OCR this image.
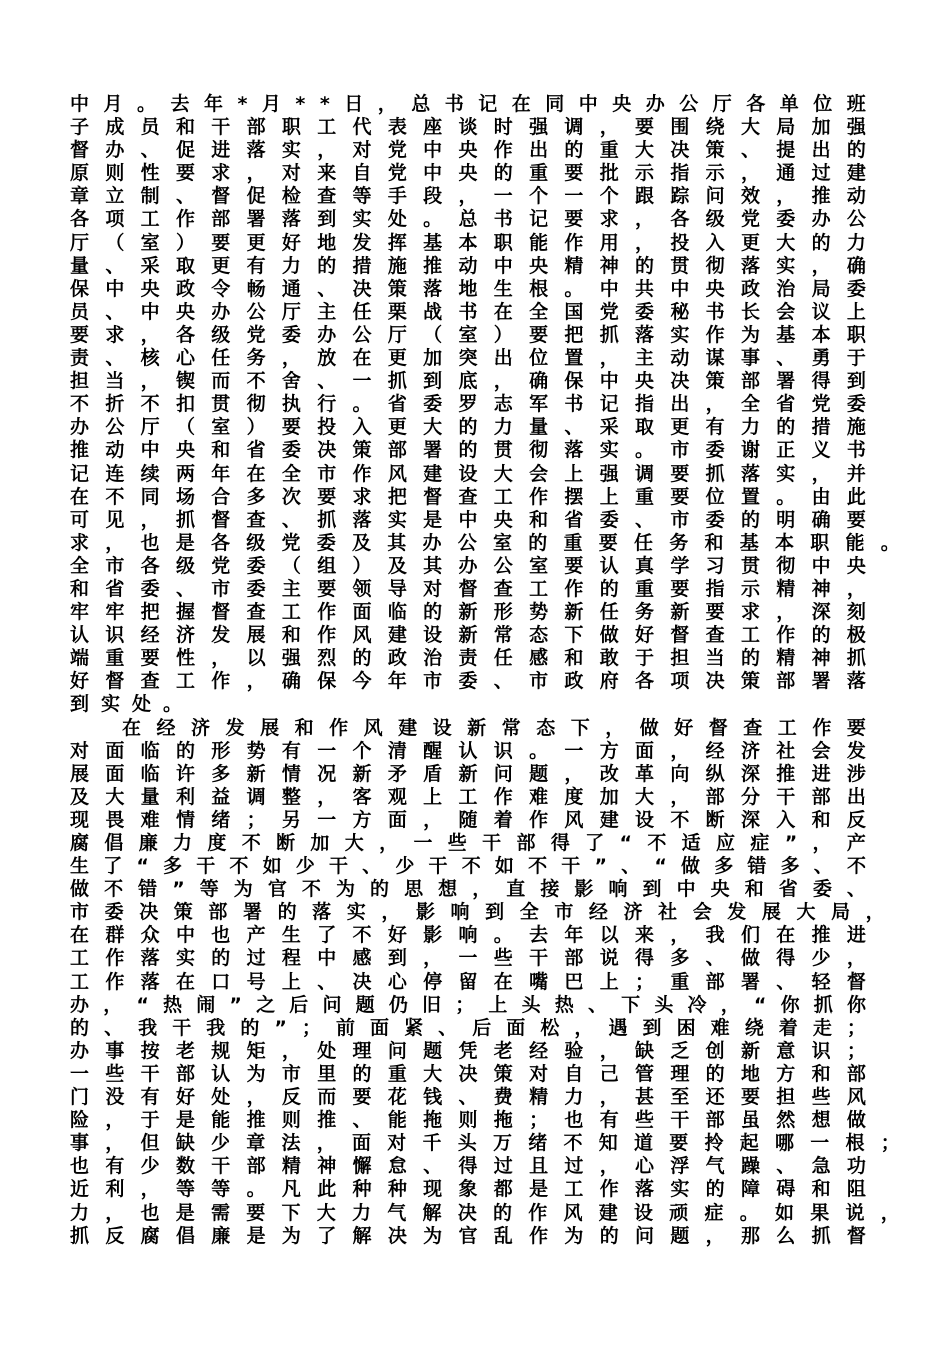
中 月 。 去 年 * 月 * * 日 ， 总 书 记 在 同 中 央 办 公 厅 各 单 位 班
子 成 员 和 干 部 职 工 代 表 座 谈 时 强 调 ， 要 围 绕 大 局 加 强
督 办 、 促 进 落 实 ， 对 党 中 央 作 出 的 重 大 决 策 、 提 出 的
原 则 性 要 求 ， 对 来 自 党 中 央 的 重 要 批 示 指 示 ， 通 过 建
章 立 制 、 督 促 检 查 等 手 段 ， 一 个 一 个 跟 踪 问 效 ， 推 动
各 项 工 作 部 署 落 到 实 处 。 总 书 记 要 求 ， 各 级 党 委 办 公
厅 （ 室 ） 要 更 好 地 发 挥 基 本 职 能 作 用 ， 投 入 更 大 的 力
量 、 采 取 更 有 力 的 措 施 推 动 中 央 精 神 的 贯 彻 落 实 ， 确
保 中 央 政 令 畅 通 、 决 策 落 地 生 根 。 中 共 中 央 政 治 局 委
员 、 中 央 办 公 厅 主 任 栗 战 书 在 全 国 党 委 秘 书 长 会 议 上
要 求 ， 各 级 党 委 办 公 厅 （ 室 ） 要 把 抓 落 实 作 为 基 本 职
责 、 核 心 任 务 ， 放 在 更 加 突 出 位 置 ， 主 动 谋 事 、 勇 于
担 当 ， 锲 而 不 舍 、 一 抓 到 底 ， 确 保 中 央 决 策 部 署 得 到
不 折 不 扣 贯 彻 执 行 。 省 委 罗 志 军 书 记 指 出 ， 全 省 党 委
办 公 厅 （ 室 ） 要 投 入 更 大 的 力 量 、 采 取 更 有 力 的 措 施
推 动 中 央 和 省 委 决 策 部 署 的 贯 彻 落 实 。 市 委 谢 正 义 书
记 连 续 两 年 在 全 市 作 风 建 设 大 会 上 强 调 要 抓 落 实 ， 并
在 不 同 场 合 多 次 要 求 把 督 查 工 作 摆 上 重 要 位 置 。 由 此
可 见 ， 抓 督 查 、 抓 落 实 是 中 央 和 省 委 、 市 委 的 明 确 要
求 ， 也 是 各 级 党 委 及 其 办 公 室 的 重 要 任 务 和 基 本 职 能 。
全 市 各 级 党 委 （ 组 ） 及 其 办 公 室 要 认 真 学 习 贯 彻 中 央
和 省 委 、 市 委 主 要 领 导 对 督 查 工 作 的 重 要 指 示 精 神 ，
牢 牢 把 握 督 查 工 作 面 临 的 新 形 势 新 任 务 新 要 求 ， 深 刻
认 识 经 济 发 展 和 作 风 建 设 新 常 态 下 做 好 督 查 工 作 的 极
端 重 要 性 ， 以 强 烈 的 政 治 责 任 感 和 敢 于 担 当 的 精 神 抓
好 督 查 工 作 ， 确 保 今 年 市 委 、 市 政 府 各 项 决 策 部 署 落
到 实 处 。
在 经 济 发 展 和 作 风 建 设 新 常 态 下 ， 做 好 督 查 工 作 要
对 面 临 的 形 势 有 一 个 清 醒 认 识 。 一 方 面 ， 经 济 社 会 发
展 面 临 许 多 新 情 况 新 矛 盾 新 问 题 ， 改 革 向 纵 深 推 进 涉
及 大 量 利 益 调 整 ， 客 观 上 工 作 难 度 加 大 ， 部 分 干 部 出
现 畏 难 情 绪 ； 另 一 方 面 ， 随 着 作 风 建 设 不 断 深 入 和 反
腐 倡 廉 力 度 不 断 加 大 ， 一 些 干 部 得 了 “ 不 适 应 症 ” ， 产
生 了 “ 多 干 不 如 少 干 、 少 干 不 如 不 干 ” 、 “ 做 多 错 多 、 不
做 不 错 ” 等 为 官 不 为 的 思 想 ， 直 接 影 响 到 中 央 和 省 委 、
市 委 决 策 部 署 的 落 实 ， 影 响 到 全 市 经 济 社 会 发 展 大 局 ，
在 群 众 中 也 产 生 了 不 好 影 响 。 去 年 以 来 ， 我 们 在 推 进
工 作 落 实 的 过 程 中 感 到 ， 一 些 干 部 说 得 多 、 做 得 少 ，
工 作 落 在 口 号 上 、 决 心 停 留 在 嘴 巴 上 ； 重 部 署 、 轻 督
办 ， “ 热 闹 ” 之 后 问 题 仍 旧 ； 上 头 热 、 下 头 冷 ， “ 你 抓 你
的 、 我 干 我 的 ” ； 前 面 紧 、 后 面 松 ， 遇 到 困 难 绕 着 走 ；
办 事 按 老 规 矩 ， 处 理 问 题 凭 老 经 验 ， 缺 乏 创 新 意 识 ；
一 些 干 部 认 为 市 里 的 重 大 决 策 对 自 己 管 理 的 地 方 和 部
门 没 有 好 处 ， 反 而 要 花 钱 、 费 精 力 ， 甚 至 还 要 担 些 风
险 ， 于 是 能 推 则 推 、 能 拖 则 拖 ； 也 有 些 干 部 虽 然 想 做
事 ， 但 缺 少 章 法 ， 面 对 千 头 万 绪 不 知 道 要 拎 起 哪 一 根 ；
也 有 少 数 干 部 精 神 懈 怠 、 得 过 且 过 ， 心 浮 气 躁 、 急 功
近 利 ， 等 等 。 凡 此 种 种 现 象 都 是 工 作 落 实 的 障 碍 和 阻
力 ， 也 是 需 要 下 大 力 气 解 决 的 作 风 建 设 顽 症 。 如 果 说 ，
抓 反 腐 倡 廉 是 为 了 解 决 为 官 乱 作 为 的 问 题 ， 那 么 抓 督
